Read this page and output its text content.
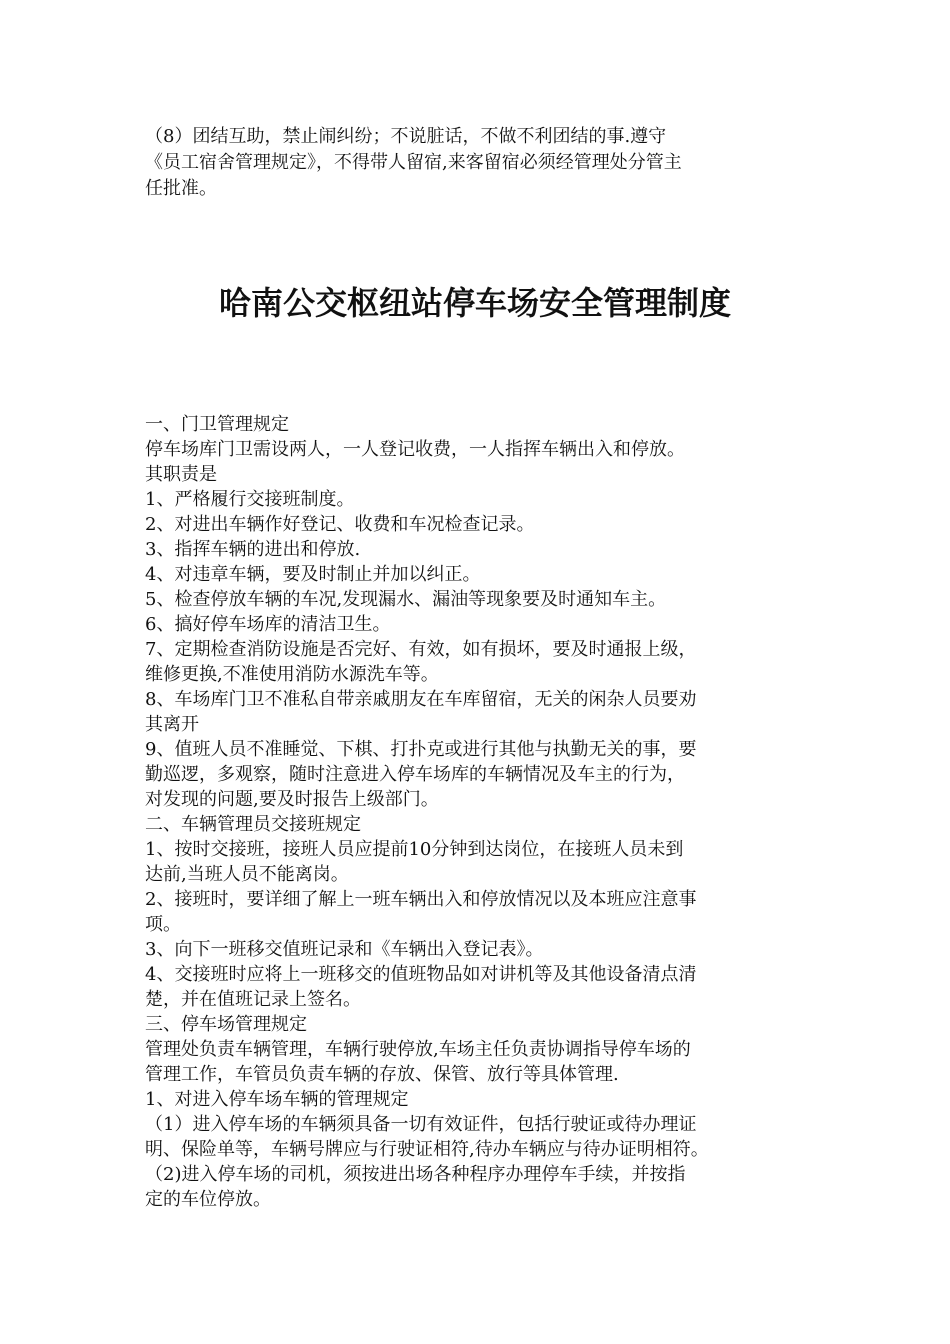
（8）团结互助，禁止闹纠纷；不说脏话，不做不利团结的事.遵守

《员工宿舍管理规定》，不得带人留宿,来客留宿必须经管理处分管主

任批准。

哈南公交枢纽站停车场安全管理制度

一、门卫管理规定

停车场库门卫需设两人，一人登记收费，一人指挥车辆出入和停放。

其职责是

1、严格履行交接班制度。

2、对进出车辆作好登记、收费和车况检查记录。

3、指挥车辆的进出和停放.

4、对违章车辆，要及时制止并加以纠正。

5、检查停放车辆的车况,发现漏水、漏油等现象要及时通知车主。

6、搞好停车场库的清洁卫生。

7、定期检查消防设施是否完好、有效，如有损坏，要及时通报上级，

维修更换,不准使用消防水源洗车等。

8、车场库门卫不准私自带亲戚朋友在车库留宿，无关的闲杂人员要劝

其离开

9、值班人员不准睡觉、下棋、打扑克或进行其他与执勤无关的事，要

勤巡逻，多观察，随时注意进入停车场库的车辆情况及车主的行为，

对发现的问题,要及时报告上级部门。

二、车辆管理员交接班规定

1、按时交接班，接班人员应提前10分钟到达岗位，在接班人员未到

达前,当班人员不能离岗。

2、接班时，要详细了解上一班车辆出入和停放情况以及本班应注意事

项。

3、向下一班移交值班记录和《车辆出入登记表》。

4、交接班时应将上一班移交的值班物品如对讲机等及其他设备清点清

楚，并在值班记录上签名。

三、停车场管理规定

管理处负责车辆管理，车辆行驶停放,车场主任负责协调指导停车场的

管理工作，车管员负责车辆的存放、保管、放行等具体管理.

1、对进入停车场车辆的管理规定

（1）进入停车场的车辆须具备一切有效证件，包括行驶证或待办理证

明、保险单等，车辆号牌应与行驶证相符,待办车辆应与待办证明相符。

（2)进入停车场的司机，须按进出场各种程序办理停车手续，并按指

定的车位停放。
